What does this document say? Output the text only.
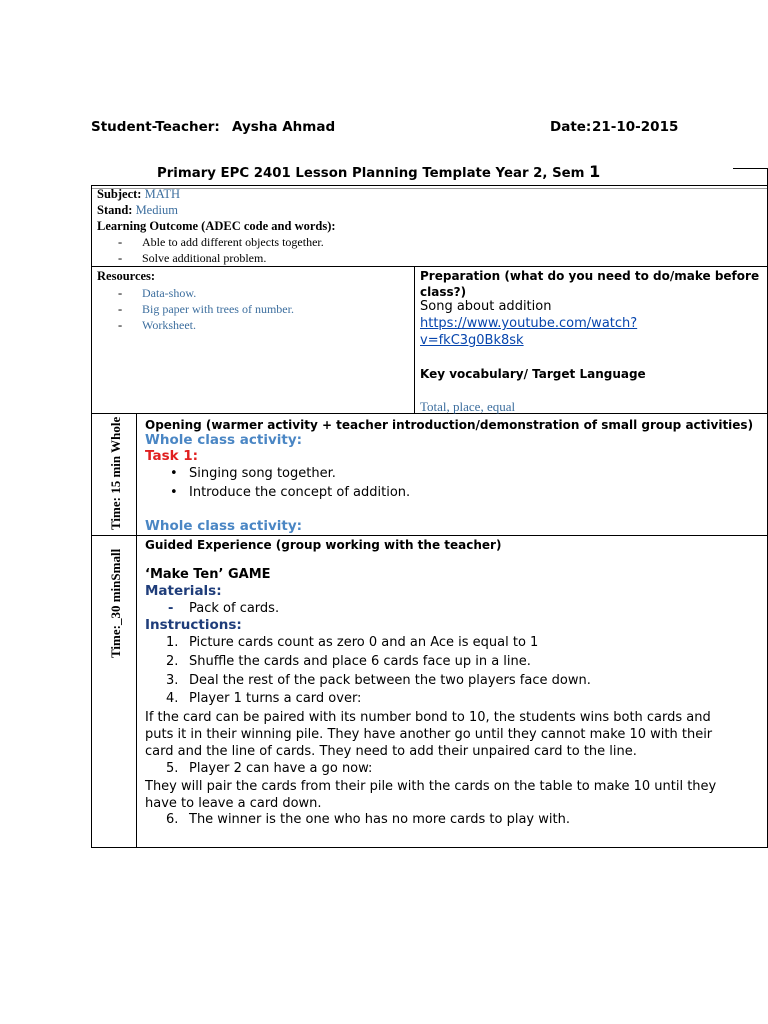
Student-Teacher: Aysha Ahmad	Date: 21-10-2015
Primary EPC 2401 Lesson Planning Template Year 2, Sem 1
Subject: MATH
Stand: Medium
Learning Outcome (ADEC code and words):
- Able to add different objects together.
- Solve additional problem.
Resources:
- Data-show.
- Big paper with trees of number.
- Worksheet.
Preparation (what do you need to do/make before
class?)
Song about addition
https://www.youtube.com/watch?
v=fkC3g0Bk8sk
Key vocabulary/ Target Language
Total, place, equal
Time: 15 min Whole Opening (warmer activity + teacher introduction/demonstration of small group activities)
Whole class activity:
Task 1:
• Singing song together.
• Introduce the concept of addition.
Whole class activity:
Time:_30 minSmall
Guided Experience (group working with the teacher)
‘Make Ten’ GAME
Materials:
- Pack of cards.
Instructions:
1. Picture cards count as zero 0 and an Ace is equal to 1
2. Shuffle the cards and place 6 cards face up in a line.
3. Deal the rest of the pack between the two players face down.
4. Player 1 turns a card over:
If the card can be paired with its number bond to 10, the students wins both cards and
puts it in their winning pile. They have another go until they cannot make 10 with their
card and the line of cards. They need to add their unpaired card to the line.
5. Player 2 can have a go now:
They will pair the cards from their pile with the cards on the table to make 10 until they
have to leave a card down.
6. The winner is the one who has no more cards to play with.
